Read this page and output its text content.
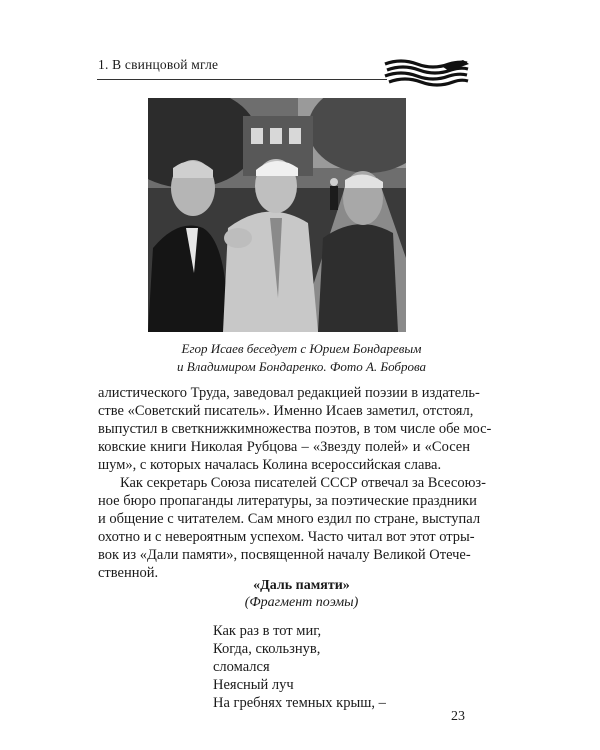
1. В свинцовой мгле
Егор Исаев беседует с Юрием Бондаревым
и Владимиром Бондаренко. Фото А. Боброва
алистического Труда, заведовал редакцией поэзии в издатель-
стве «Советский писатель». Именно Исаев заметил, отстоял,
выпустил в светкнижкимножества поэтов, в том числе обе мос-
ковские книги Николая Рубцова – «Звезду полей» и «Сосен
шум», с которых началась Колина всероссийская слава.
Как секретарь Союза писателей СССР отвечал за Всесоюз-
ное бюро пропаганды литературы, за поэтические праздники
и общение с читателем. Сам много ездил по стране, выступал
охотно и с невероятным успехом. Часто читал вот этот отры-
вок из «Дали памяти», посвященной началу Великой Отече-
ственной.
«Даль памяти»
(Фрагмент поэмы)
Как раз в тот миг,
Когда, скользнув,
сломался
Неясный луч
На гребнях темных крыш, –
23
